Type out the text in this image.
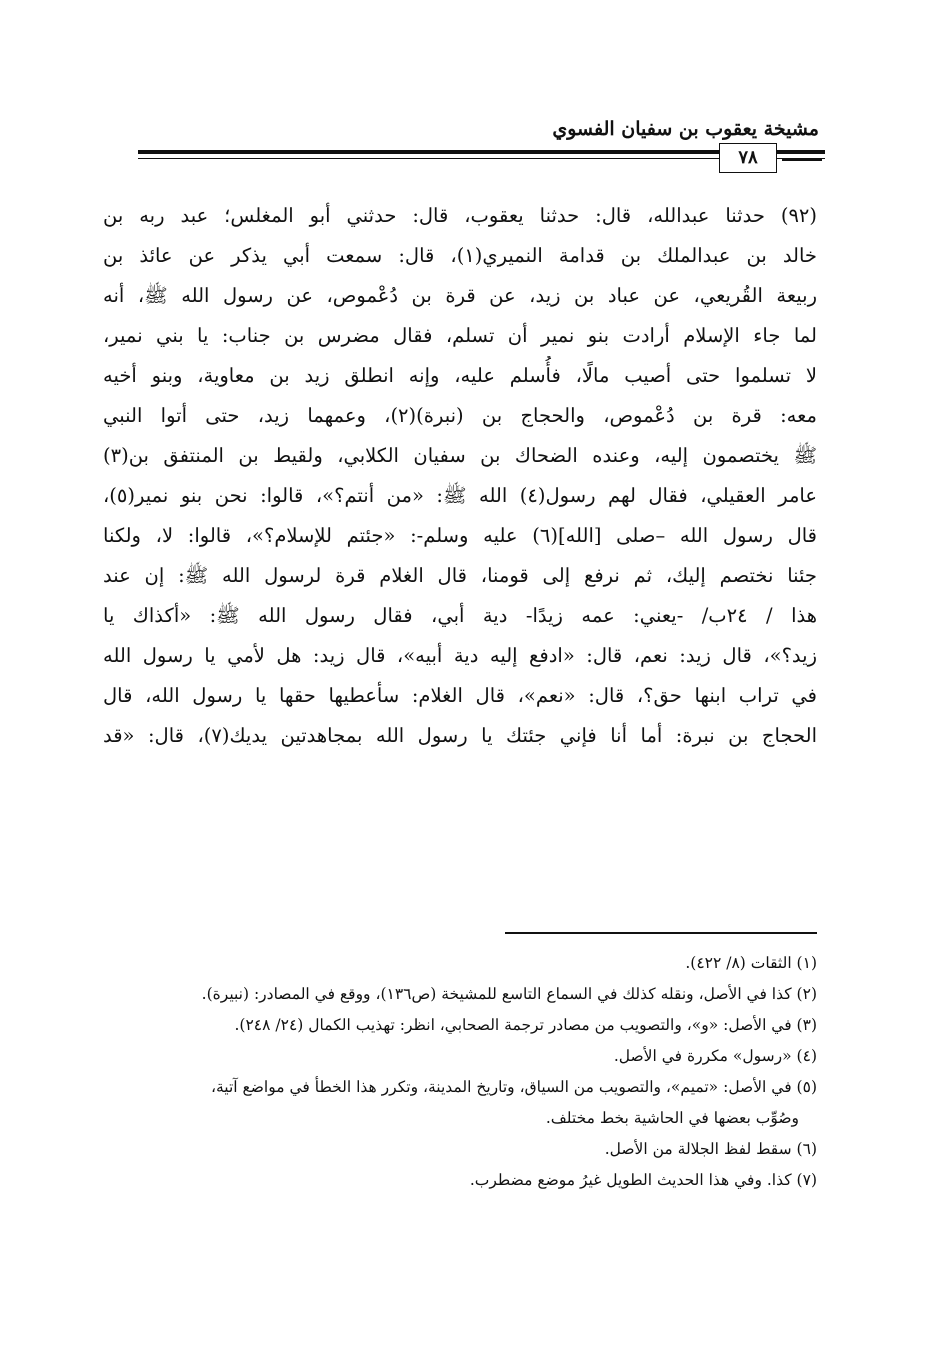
مشيخة يعقوب بن سفيان الفسوي
٧٨
(٩٢) حدثنا عبدالله، قال: حدثنا يعقوب، قال: حدثني أبو المغلس؛ عبد ربه بن
خالد بن عبدالملك بن قدامة النميري(١)، قال: سمعت أبي يذكر عن عائذ بن
ربيعة القُريعي، عن عباد بن زيد، عن قرة بن دُعْموص، عن رسول الله ﷺ، أنه
لما جاء الإسلام أرادت بنو نمير أن تسلم، فقال مضرس بن جناب: يا بني نمير،
لا تسلموا حتى أصيب مالًا، فأُسلم عليه، وإنه انطلق زيد بن معاوية، وبنو أخيه
معه: قرة بن دُعْموص، والحجاج بن (نبرة)(٢)، وعمهما زيد، حتى أتوا النبي
ﷺ يختصمون إليه، وعنده الضحاك بن سفيان الكلابي، ولقيط بن المنتفق بن(٣)
عامر العقيلي، فقال لهم رسول(٤) الله ﷺ: «من أنتم؟»، قالوا: نحن بنو نمير(٥)،
قال رسول الله –صلى [الله](٦) عليه وسلم-: «جئتم للإسلام؟»، قالوا: لا، ولكنا
جئنا نختصم إليك، ثم نرفع إلى قومنا، قال الغلام قرة لرسول الله ﷺ: إن عند
هذا / ٢٤ب/ -يعني: عمه زيدًا- دية أبي، فقال رسول الله ﷺ: «أكذاك يا
زيد؟»، قال زيد: نعم، قال: «ادفع إليه دية أبيه»، قال زيد: هل لأمي يا رسول الله
في تراب ابنها حق؟، قال: «نعم»، قال الغلام: سأعطيها حقها يا رسول الله، قال
الحجاج بن نبرة: أما أنا فإني جئتك يا رسول الله بمجاهدتين يديك(٧)، قال: «قد
(١) الثقات (٨/ ٤٢٢).
(٢) كذا في الأصل، ونقله كذلك في السماع التاسع للمشيخة (ص١٣٦)، ووقع في المصادر: (نبيرة).
(٣) في الأصل: «و»، والتصويب من مصادر ترجمة الصحابي، انظر: تهذيب الكمال (٢٤/ ٢٤٨).
(٤) «رسول» مكررة في الأصل.
(٥) في الأصل: «تميم»، والتصويب من السياق، وتاريخ المدينة، وتكرر هذا الخطأ في مواضع آتية،
وصُوِّب بعضها في الحاشية بخط مختلف.
(٦) سقط لفظ الجلالة من الأصل.
(٧) كذا. وفي هذا الحديث الطويل غيرُ موضع مضطرب.
